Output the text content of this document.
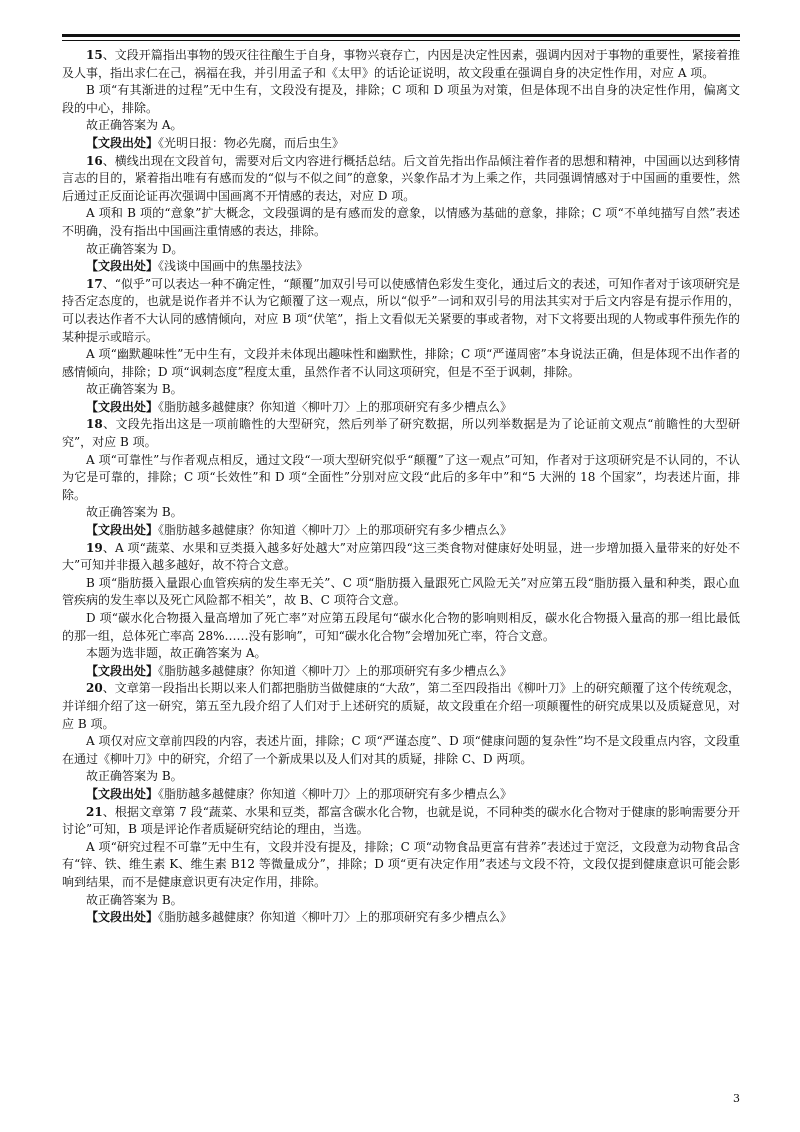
15、文段开篇指出事物的毁灭往往酿生于自身，事物兴衰存亡，内因是决定性因素，强调内因对于事物的重要性，紧接着推及人事，指出求仁在己，祸福在我，并引用孟子和《太甲》的话论证说明，故文段重在强调自身的决定性作用，对应 A 项。

B 项“有其渐进的过程”无中生有，文段没有提及，排除；C 项和 D 项虽为对策，但是体现不出自身的决定性作用，偏离文段的中心，排除。

故正确答案为 A。

【文段出处】《光明日报：物必先腐，而后虫生》

16、横线出现在文段首句，需要对后文内容进行概括总结。后文首先指出作品倾注着作者的思想和精神，中国画以达到移情言志的目的，紧着指出唯有有感而发的“似与不似之间”的意象，兴象作品才为上乘之作，共同强调情感对于中国画的重要性，然后通过正反面论证再次强调中国画离不开情感的表达，对应 D 项。

A 项和 B 项的“意象”扩大概念，文段强调的是有感而发的意象，以情感为基础的意象，排除；C 项“不单纯描写自然”表述不明确，没有指出中国画注重情感的表达，排除。

故正确答案为 D。

【文段出处】《浅谈中国画中的焦墨技法》

17、“似乎”可以表达一种不确定性，“颠覆”加双引号可以使感情色彩发生变化，通过后文的表述，可知作者对于该项研究是持否定态度的，也就是说作者并不认为它颠覆了这一观点，所以“似乎”一词和双引号的用法其实对于后文内容是有提示作用的，可以表达作者不大认同的感情倾向，对应 B 项“伏笔”，指上文看似无关紧要的事或者物，对下文将要出现的人物或事件预先作的某种提示或暗示。

A 项“幽默趣味性”无中生有，文段并未体现出趣味性和幽默性，排除；C 项“严谨周密”本身说法正确，但是体现不出作者的感情倾向，排除；D 项“讽刺态度”程度太重，虽然作者不认同这项研究，但是不至于讽刺，排除。

故正确答案为 B。

【文段出处】《脂肪越多越健康？你知道〈柳叶刀〉上的那项研究有多少槽点么》

18、文段先指出这是一项前瞻性的大型研究，然后列举了研究数据，所以列举数据是为了论证前文观点“前瞻性的大型研究”，对应 B 项。

A 项“可靠性”与作者观点相反，通过文段“一项大型研究似乎“颠覆”了这一观点”可知，作者对于这项研究是不认同的，不认为它是可靠的，排除；C 项“长效性”和 D 项“全面性”分别对应文段“此后的多年中”和“5 大洲的 18 个国家”，均表述片面，排除。

故正确答案为 B。

【文段出处】《脂肪越多越健康？你知道〈柳叶刀〉上的那项研究有多少槽点么》

19、A 项“蔬菜、水果和豆类摄入越多好处越大”对应第四段“这三类食物对健康好处明显，进一步增加摄入量带来的好处不大”可知并非摄入越多越好，故不符合文意。

B 项“脂肪摄入量跟心血管疾病的发生率无关”、C 项“脂肪摄入量跟死亡风险无关”对应第五段“脂肪摄入量和种类，跟心血管疾病的发生率以及死亡风险都不相关”，故 B、C 项符合文意。

D 项“碳水化合物摄入量高增加了死亡率”对应第五段尾句“碳水化合物的影响则相反，碳水化合物摄入量高的那一组比最低的那一组，总体死亡率高 28%……没有影响”，可知“碳水化合物”会增加死亡率，符合文意。

本题为选非题，故正确答案为 A。

【文段出处】《脂肪越多越健康？你知道〈柳叶刀〉上的那项研究有多少槽点么》

20、文章第一段指出长期以来人们都把脂肪当做健康的“大敌”，第二至四段指出《柳叶刀》上的研究颠覆了这个传统观念，并详细介绍了这一研究，第五至九段介绍了人们对于上述研究的质疑，故文段重在介绍一项颠覆性的研究成果以及质疑意见，对应 B 项。

A 项仅对应文章前四段的内容，表述片面，排除；C 项“严谨态度”、D 项“健康问题的复杂性”均不是文段重点内容，文段重在通过《柳叶刀》中的研究，介绍了一个新成果以及人们对其的质疑，排除 C、D 两项。

故正确答案为 B。

【文段出处】《脂肪越多越健康？你知道〈柳叶刀〉上的那项研究有多少槽点么》

21、根据文章第 7 段“蔬菜、水果和豆类，都富含碳水化合物，也就是说，不同种类的碳水化合物对于健康的影响需要分开讨论”可知，B 项是评论作者质疑研究结论的理由，当选。

A 项“研究过程不可靠”无中生有，文段并没有提及，排除；C 项“动物食品更富有营养”表述过于宽泛，文段意为动物食品含有“锌、铁、维生素 K、维生素 B12 等微量成分”，排除；D 项“更有决定作用”表述与文段不符，文段仅提到健康意识可能会影响到结果，而不是健康意识更有决定作用，排除。

故正确答案为 B。

【文段出处】《脂肪越多越健康？你知道〈柳叶刀〉上的那项研究有多少槽点么》

3
